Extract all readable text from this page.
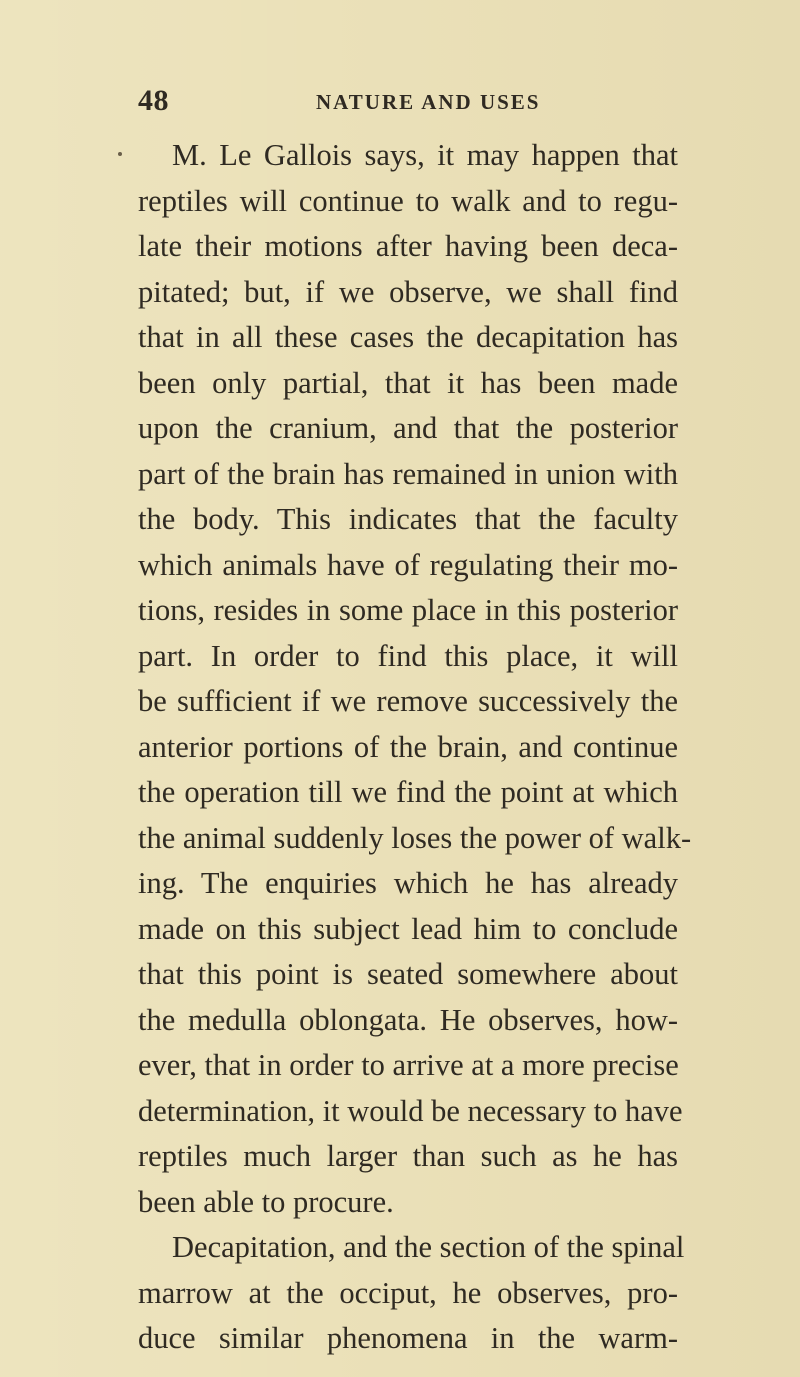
48	NATURE AND USES
M. Le Gallois says, it may happen that
reptiles will continue to walk and to regu-
late their motions after having been deca-
pitated; but, if we observe, we shall find
that in all these cases the decapitation has
been only partial, that it has been made
upon the cranium, and that the posterior
part of the brain has remained in union with
the body. This indicates that the faculty
which animals have of regulating their mo-
tions, resides in some place in this posterior
part. In order to find this place, it will
be sufficient if we remove successively the
anterior portions of the brain, and continue
the operation till we find the point at which
the animal suddenly loses the power of walk-
ing. The enquiries which he has already
made on this subject lead him to conclude
that this point is seated somewhere about
the medulla oblongata. He observes, how-
ever, that in order to arrive at a more precise
determination, it would be necessary to have
reptiles much larger than such as he has
been able to procure.
Decapitation, and the section of the spinal
marrow at the occiput, he observes, pro-
duce similar phenomena in the warm-
